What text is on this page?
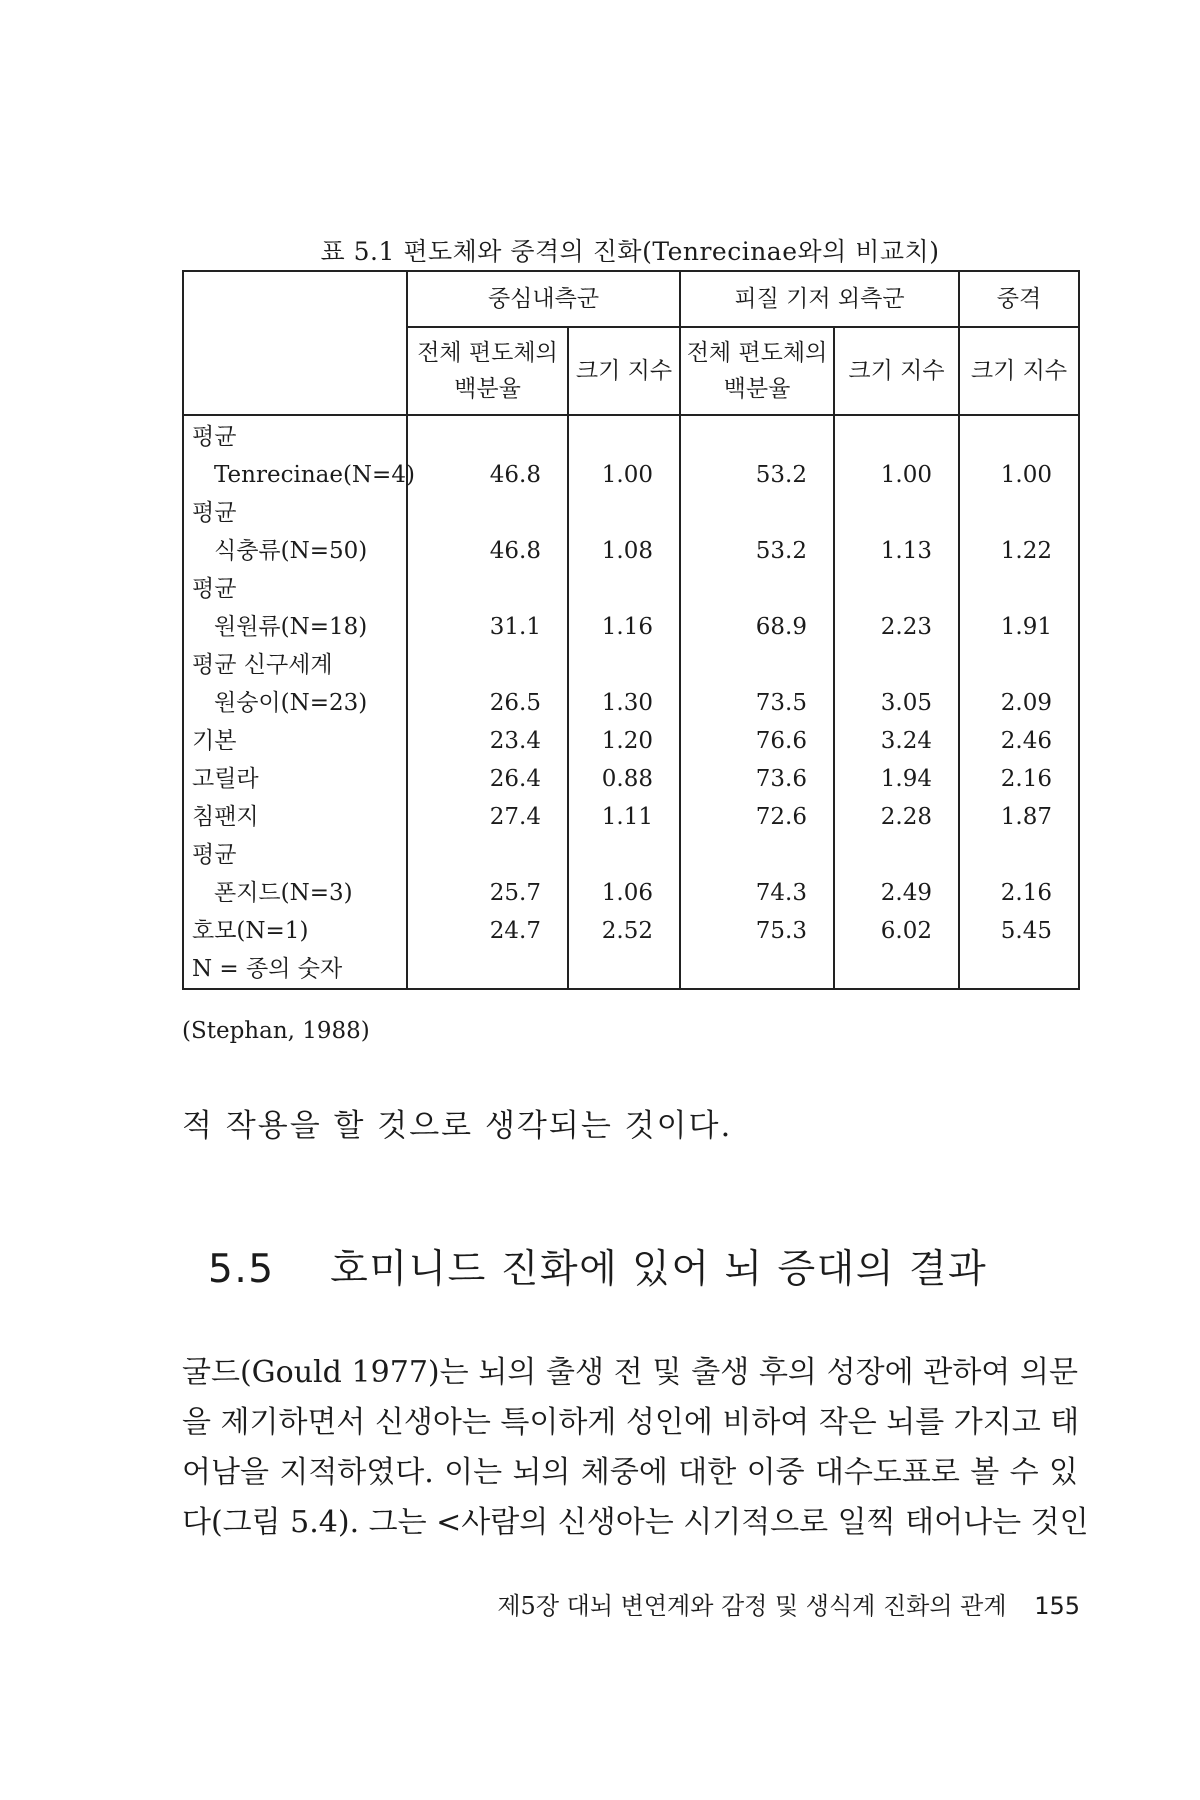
표 5.1 편도체와 중격의 진화(Tenrecinae와의 비교치)
	중심내측군		피질 기저 외측군		중격
	전체 편도체의 백분율	크기 지수	전체 편도체의 백분율	크기 지수	크기 지수
평균					
Tenrecinae(N=4)	46.8	1.00	53.2	1.00	1.00
평균					
식충류(N=50)	46.8	1.08	53.2	1.13	1.22
평균					
원원류(N=18)	31.1	1.16	68.9	2.23	1.91
평균 신구세계					
원숭이(N=23)	26.5	1.30	73.5	3.05	2.09
기본	23.4	1.20	76.6	3.24	2.46
고릴라	26.4	0.88	73.6	1.94	2.16
침팬지	27.4	1.11	72.6	2.28	1.87
평균					
폰지드(N=3)	25.7	1.06	74.3	2.49	2.16
호모(N=1)	24.7	2.52	75.3	6.02	5.45
N = 종의 숫자					
(Stephan, 1988)
적 작용을 할 것으로 생각되는 것이다.
5.5 호미니드 진화에 있어 뇌 증대의 결과
굴드(Gould 1977)는 뇌의 출생 전 및 출생 후의 성장에 관하여 의문
을 제기하면서 신생아는 특이하게 성인에 비하여 작은 뇌를 가지고 태
어남을 지적하였다. 이는 뇌의 체중에 대한 이중 대수도표로 볼 수 있
다(그림 5.4). 그는 <사람의 신생아는 시기적으로 일찍 태어나는 것인
제5장 대뇌 변연계와 감정 및 생식계 진화의 관계 155
